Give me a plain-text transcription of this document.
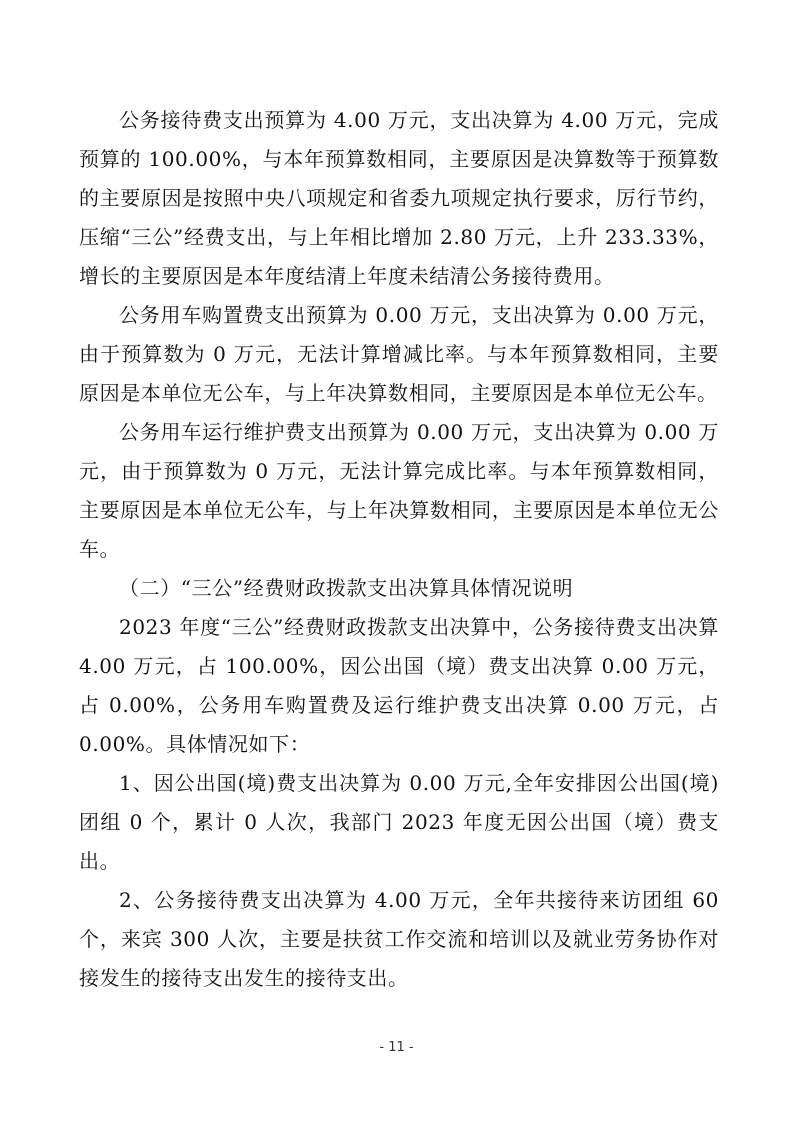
公务接待费支出预算为 4.00 万元，支出决算为 4.00 万元，完成预算的 100.00%，与本年预算数相同，主要原因是决算数等于预算数的主要原因是按照中央八项规定和省委九项规定执行要求，厉行节约，压缩“三公”经费支出，与上年相比增加 2.80 万元，上升 233.33%，增长的主要原因是本年度结清上年度未结清公务接待费用。

公务用车购置费支出预算为 0.00 万元，支出决算为 0.00 万元，由于预算数为 0 万元，无法计算增减比率。与本年预算数相同，主要原因是本单位无公车，与上年决算数相同，主要原因是本单位无公车。

公务用车运行维护费支出预算为 0.00 万元，支出决算为 0.00 万元，由于预算数为 0 万元，无法计算完成比率。与本年预算数相同，主要原因是本单位无公车，与上年决算数相同，主要原因是本单位无公车。

（二）“三公”经费财政拨款支出决算具体情况说明

2023 年度“三公”经费财政拨款支出决算中，公务接待费支出决算 4.00 万元，占 100.00%，因公出国（境）费支出决算 0.00 万元，占 0.00%，公务用车购置费及运行维护费支出决算 0.00 万元，占 0.00%。具体情况如下：

1、因公出国(境)费支出决算为 0.00 万元,全年安排因公出国(境)团组 0 个，累计 0 人次，我部门 2023 年度无因公出国（境）费支出。

2、公务接待费支出决算为 4.00 万元，全年共接待来访团组 60 个，来宾 300 人次，主要是扶贫工作交流和培训以及就业劳务协作对接发生的接待支出发生的接待支出。

- 11 -
